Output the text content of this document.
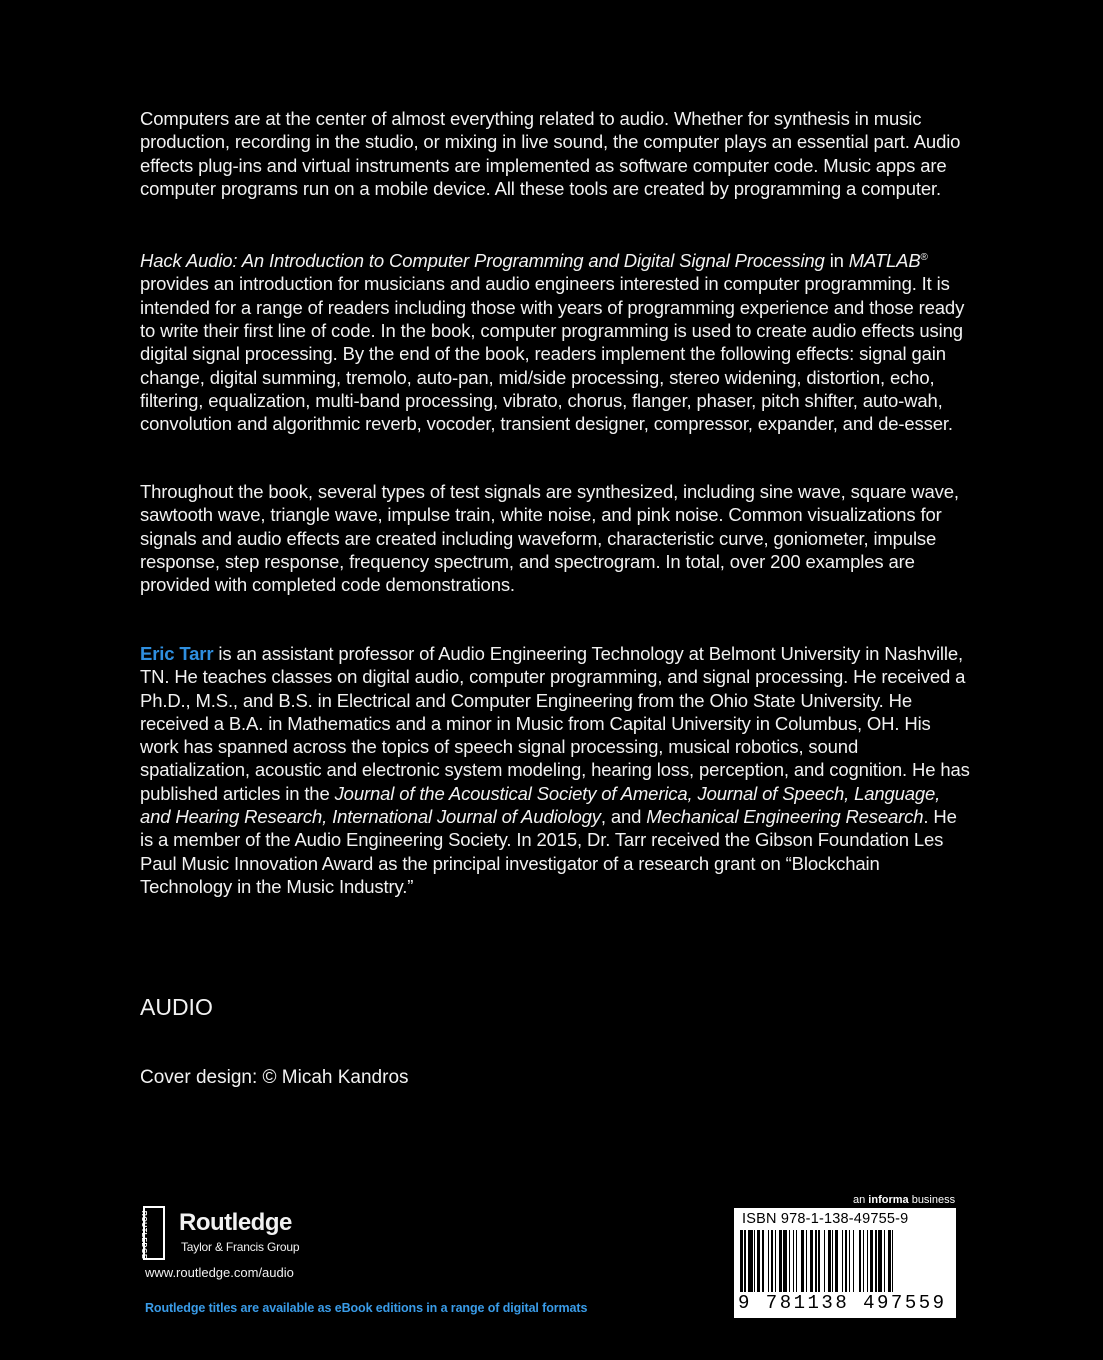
Computers are at the center of almost everything related to audio. Whether for synthesis in music production, recording in the studio, or mixing in live sound, the computer plays an essential part. Audio effects plug-ins and virtual instruments are implemented as software computer code. Music apps are computer programs run on a mobile device. All these tools are created by programming a computer.
Hack Audio: An Introduction to Computer Programming and Digital Signal Processing in MATLAB® provides an introduction for musicians and audio engineers interested in computer programming. It is intended for a range of readers including those with years of programming experience and those ready to write their first line of code. In the book, computer programming is used to create audio effects using digital signal processing. By the end of the book, readers implement the following effects: signal gain change, digital summing, tremolo, auto-pan, mid/side processing, stereo widening, distortion, echo, filtering, equalization, multi-band processing, vibrato, chorus, flanger, phaser, pitch shifter, auto-wah, convolution and algorithmic reverb, vocoder, transient designer, compressor, expander, and de-esser.
Throughout the book, several types of test signals are synthesized, including sine wave, square wave, sawtooth wave, triangle wave, impulse train, white noise, and pink noise. Common visualizations for signals and audio effects are created including waveform, characteristic curve, goniometer, impulse response, step response, frequency spectrum, and spectrogram. In total, over 200 examples are provided with completed code demonstrations.
Eric Tarr is an assistant professor of Audio Engineering Technology at Belmont University in Nashville, TN. He teaches classes on digital audio, computer programming, and signal processing. He received a Ph.D., M.S., and B.S. in Electrical and Computer Engineering from the Ohio State University. He received a B.A. in Mathematics and a minor in Music from Capital University in Columbus, OH. His work has spanned across the topics of speech signal processing, musical robotics, sound spatialization, acoustic and electronic system modeling, hearing loss, perception, and cognition. He has published articles in the Journal of the Acoustical Society of America, Journal of Speech, Language, and Hearing Research, International Journal of Audiology, and Mechanical Engineering Research. He is a member of the Audio Engineering Society. In 2015, Dr. Tarr received the Gibson Foundation Les Paul Music Innovation Award as the principal investigator of a research grant on “Blockchain Technology in the Music Industry.”
AUDIO
Cover design: © Micah Kandros
ROUTLEDGE Routledge
Taylor & Francis Group
www.routledge.com/audio
Routledge titles are available as eBook editions in a range of digital formats
an informa business
ISBN 978-1-138-49755-9
9 781138 497559
